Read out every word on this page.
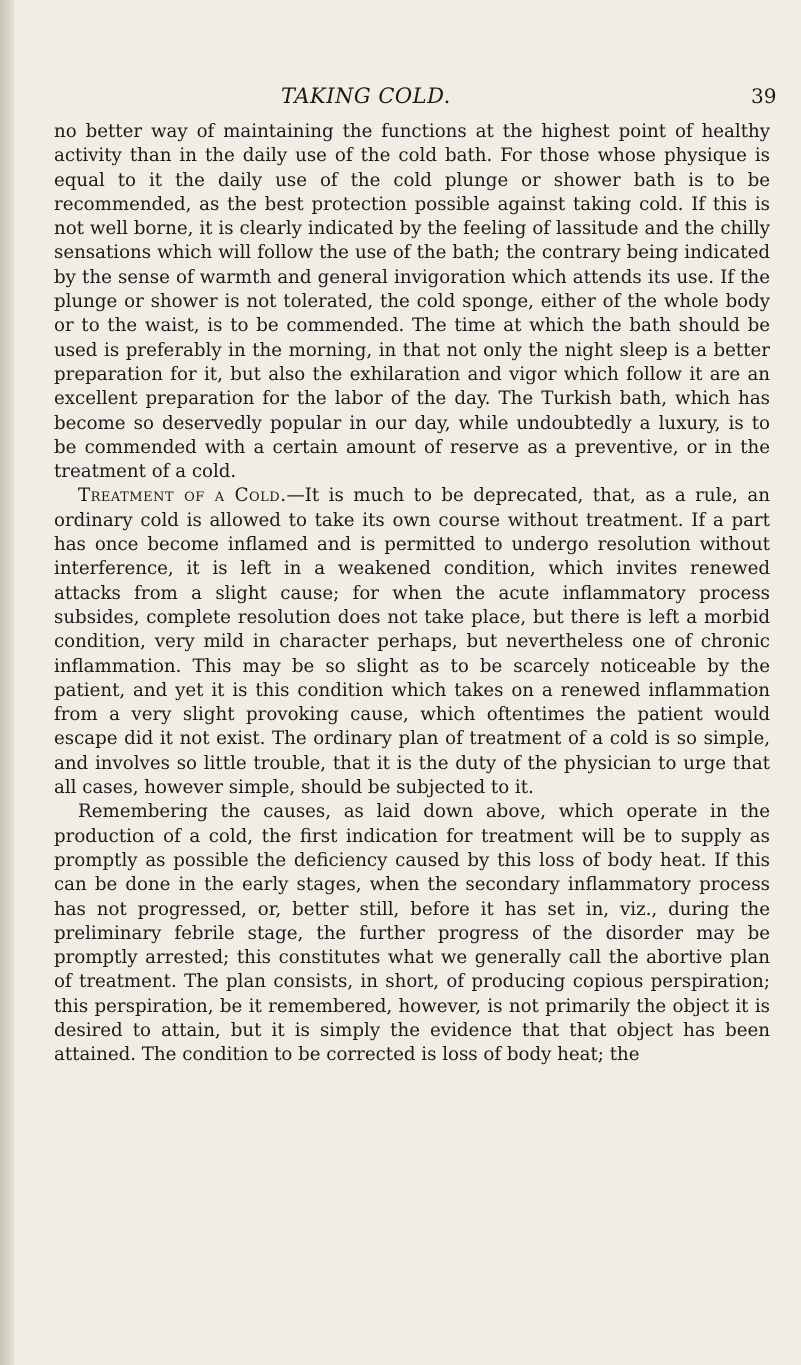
TAKING COLD.	39

no better way of maintaining the functions at the highest point of healthy activity than in the daily use of the cold bath. For those whose physique is equal to it the daily use of the cold plunge or shower bath is to be recommended, as the best protection possible against taking cold. If this is not well borne, it is clearly indicated by the feeling of lassitude and the chilly sensations which will follow the use of the bath; the contrary being indicated by the sense of warmth and general invigoration which attends its use. If the plunge or shower is not tolerated, the cold sponge, either of the whole body or to the waist, is to be commended. The time at which the bath should be used is preferably in the morning, in that not only the night sleep is a better preparation for it, but also the exhilaration and vigor which follow it are an excellent preparation for the labor of the day. The Turkish bath, which has become so deservedly popular in our day, while undoubtedly a luxury, is to be commended with a certain amount of reserve as a preventive, or in the treatment of a cold.

Treatment of a Cold.—It is much to be deprecated, that, as a rule, an ordinary cold is allowed to take its own course without treatment. If a part has once become inflamed and is permitted to undergo resolution without interference, it is left in a weakened condition, which invites renewed attacks from a slight cause; for when the acute inflammatory process subsides, complete resolution does not take place, but there is left a morbid condition, very mild in character perhaps, but nevertheless one of chronic inflammation. This may be so slight as to be scarcely noticeable by the patient, and yet it is this condition which takes on a renewed inflammation from a very slight provoking cause, which oftentimes the patient would escape did it not exist. The ordinary plan of treatment of a cold is so simple, and involves so little trouble, that it is the duty of the physician to urge that all cases, however simple, should be subjected to it.

Remembering the causes, as laid down above, which operate in the production of a cold, the first indication for treatment will be to supply as promptly as possible the deficiency caused by this loss of body heat. If this can be done in the early stages, when the secondary inflammatory process has not progressed, or, better still, before it has set in, viz., during the preliminary febrile stage, the further progress of the disorder may be promptly arrested; this constitutes what we generally call the abortive plan of treatment. The plan consists, in short, of producing copious perspiration; this perspiration, be it remembered, however, is not primarily the object it is desired to attain, but it is simply the evidence that that object has been attained. The condition to be corrected is loss of body heat; the
